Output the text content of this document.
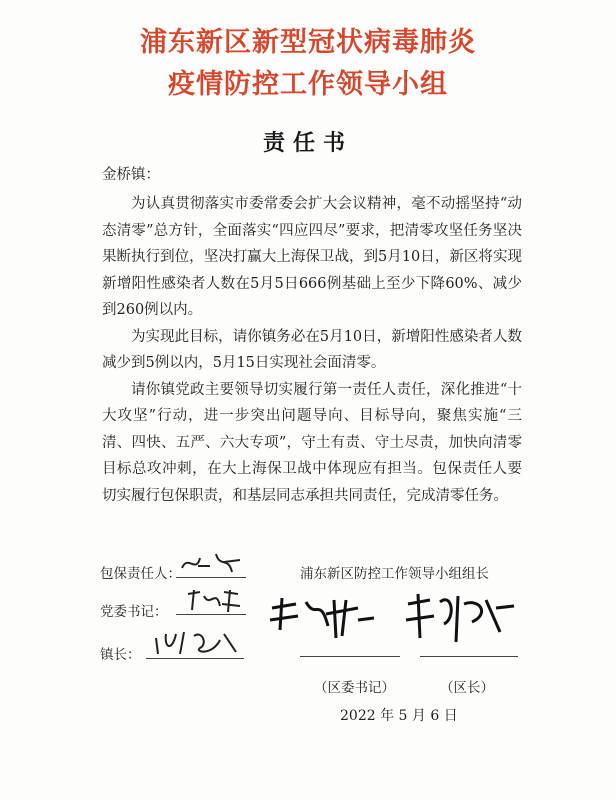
浦东新区新型冠状病毒肺炎
疫情防控工作领导小组
责任书
金桥镇：

为认真贯彻落实市委常委会扩大会议精神，毫不动摇坚持“动态清零”总方针，全面落实“四应四尽”要求，把清零攻坚任务坚决果断执行到位，坚决打赢大上海保卫战，到5月10日，新区将实现新增阳性感染者人数在5月5日666例基础上至少下降60%、减少到260例以内。

为实现此目标，请你镇务必在5月10日，新增阳性感染者人数减少到5例以内，5月15日实现社会面清零。

请你镇党政主要领导切实履行第一责任人责任，深化推进“十大攻坚”行动，进一步突出问题导向、目标导向，聚焦实施“三清、四快、五严、六大专项”，守土有责、守土尽责，加快向清零目标总攻冲刺，在大上海保卫战中体现应有担当。包保责任人要切实履行包保职责，和基层同志承担共同责任，完成清零任务。

包保责任人：
党委书记：
镇长：
浦东新区防控工作领导小组组长
（区委书记）	（区长）
2022 年 5 月 6 日
